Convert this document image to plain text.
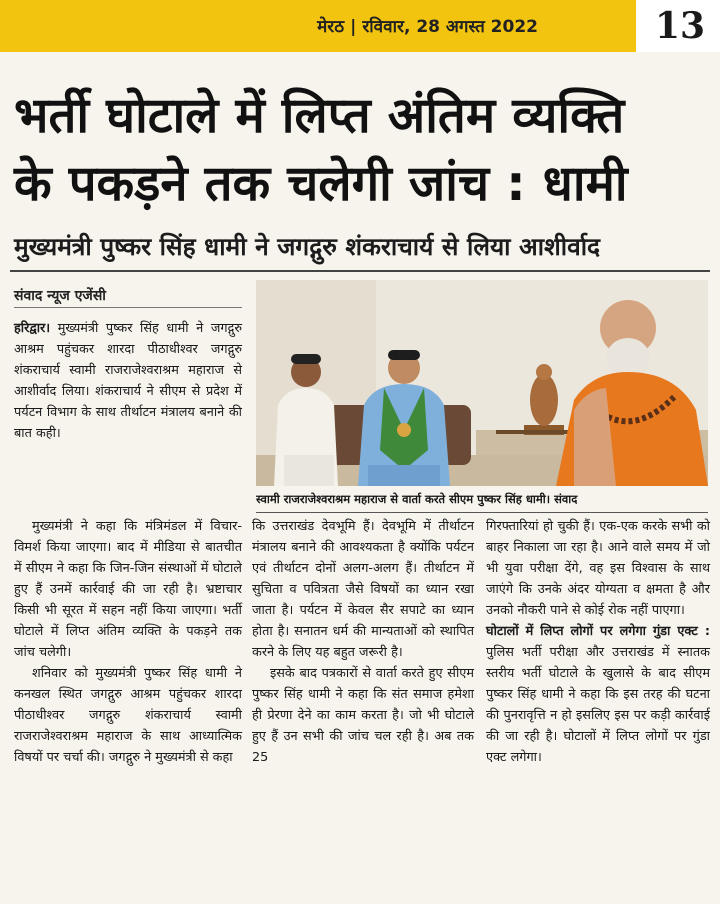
मेरठ | रविवार, 28 अगस्त 2022	13
भर्ती घोटाले में लिप्त अंतिम व्यक्ति
के पकड़ने तक चलेगी जांच : धामी
मुख्यमंत्री पुष्कर सिंह धामी ने जगद्गुरु शंकराचार्य से लिया आशीर्वाद
संवाद न्यूज एजेंसी
स्वामी राजराजेश्वराश्रम महाराज से वार्ता करते सीएम पुष्कर सिंह धामी। संवाद

हरिद्वार। मुख्यमंत्री पुष्कर सिंह धामी ने जगद्गुरु आश्रम पहुंचकर शारदा पीठाधीश्वर जगद्गुरु शंकराचार्य स्वामी राजराजेश्वराश्रम महाराज से आशीर्वाद लिया। शंकराचार्य ने सीएम से प्रदेश में पर्यटन विभाग के साथ तीर्थाटन मंत्रालय बनाने की बात कही।

मुख्यमंत्री ने कहा कि मंत्रिमंडल में विचार-विमर्श किया जाएगा। बाद में मीडिया से बातचीत में सीएम ने कहा कि जिन-जिन संस्थाओं में घोटाले हुए हैं उनमें कार्रवाई की जा रही है। भ्रष्टाचार किसी भी सूरत में सहन नहीं किया जाएगा। भर्ती घोटाले में लिप्त अंतिम व्यक्ति के पकड़ने तक जांच चलेगी।

शनिवार को मुख्यमंत्री पुष्कर सिंह धामी ने कनखल स्थित जगद्गुरु आश्रम पहुंचकर शारदा पीठाधीश्वर जगद्गुरु शंकराचार्य स्वामी राजराजेश्वराश्रम महाराज के साथ आध्यात्मिक विषयों पर चर्चा की। जगद्गुरु ने मुख्यमंत्री से कहा

कि उत्तराखंड देवभूमि हैं। देवभूमि में तीर्थाटन मंत्रालय बनाने की आवश्यकता है क्योंकि पर्यटन एवं तीर्थाटन दोनों अलग-अलग हैं। तीर्थाटन में सुचिता व पवित्रता जैसे विषयों का ध्यान रखा जाता है। पर्यटन में केवल सैर सपाटे का ध्यान होता है। सनातन धर्म की मान्यताओं को स्थापित करने के लिए यह बहुत जरूरी है।

इसके बाद पत्रकारों से वार्ता करते हुए सीएम पुष्कर सिंह धामी ने कहा कि संत समाज हमेशा ही प्रेरणा देने का काम करता है। जो भी घोटाले हुए हैं उन सभी की जांच चल रही है। अब तक 25

गिरफ्तारियां हो चुकी हैं। एक-एक करके सभी को बाहर निकाला जा रहा है। आने वाले समय में जो भी युवा परीक्षा देंगे, वह इस विश्वास के साथ जाएंगे कि उनके अंदर योग्यता व क्षमता है और उनको नौकरी पाने से कोई रोक नहीं पाएगा।

घोटालों में लिप्त लोगों पर लगेगा गुंडा एक्ट : पुलिस भर्ती परीक्षा और उत्तराखंड में स्नातक स्तरीय भर्ती घोटाले के खुलासे के बाद सीएम पुष्कर सिंह धामी ने कहा कि इस तरह की घटना की पुनरावृत्ति न हो इसलिए इस पर कड़ी कार्रवाई की जा रही है। घोटालों में लिप्त लोगों पर गुंडा एक्ट लगेगा।
